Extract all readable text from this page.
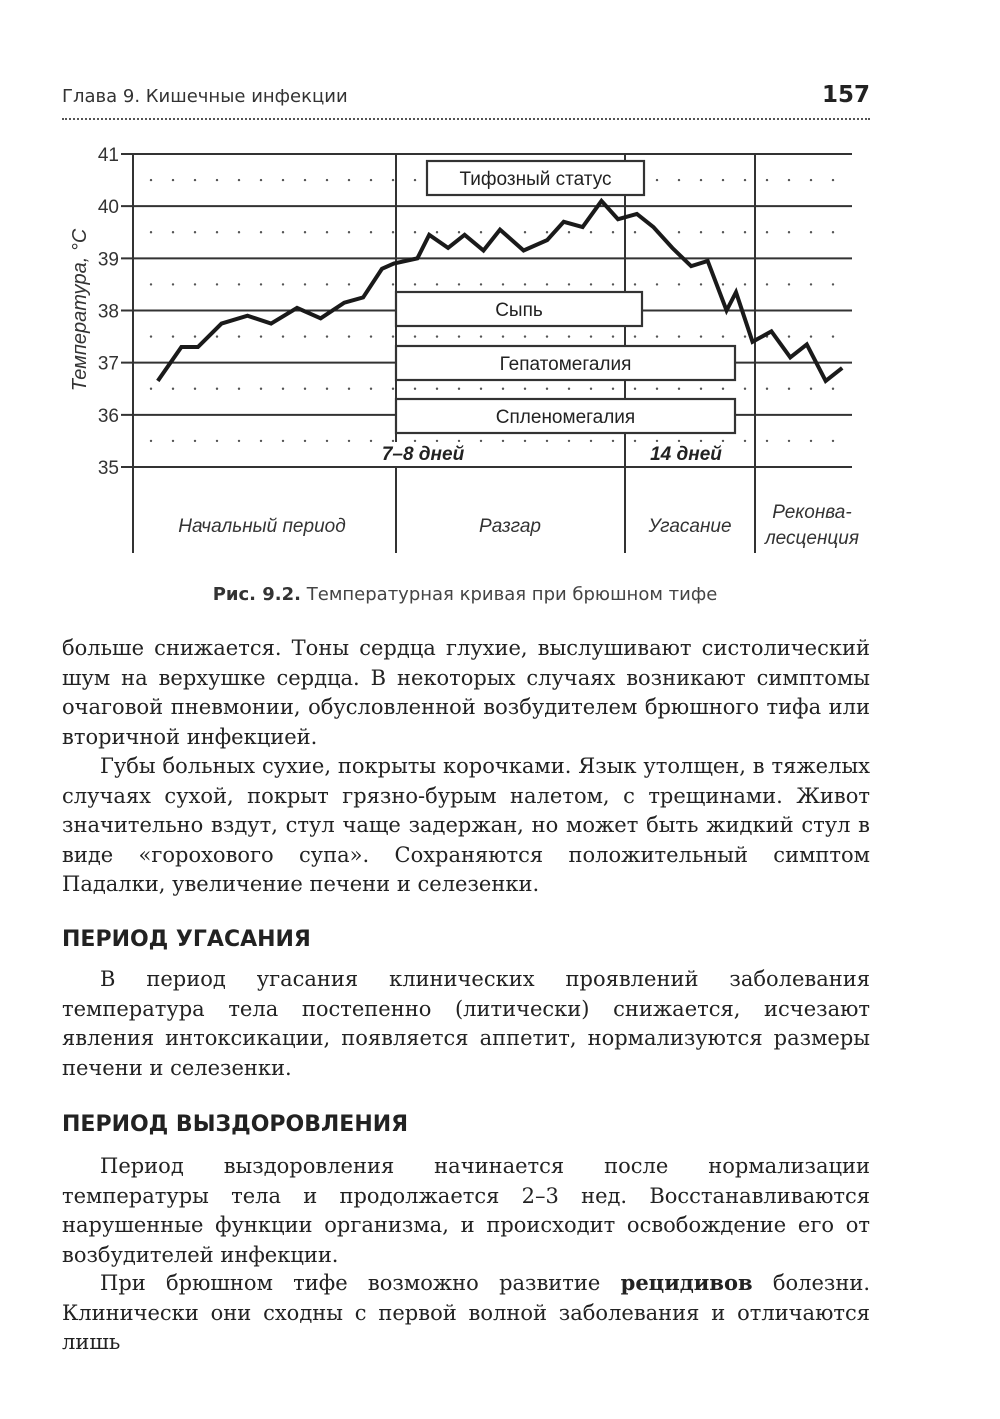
Глава 9. Кишечные инфекции	157
35
36
37
38
39
40
41
Тифозный статус
Сыпь
Гепатомегалия
Спленомегалия
7–8 дней	14 дней
Начальный период	Разгар	Угасание
Реконва-
лесценция
Температура, °C
Рис. 9.2. Температурная кривая при брюшном тифе

больше снижается. Тоны сердца глухие, выслушивают систолический шум на верхушке сердца. В некоторых случаях возникают симптомы очаговой пневмонии, обусловленной возбудителем брюшного тифа или вторичной инфекцией.

Губы больных сухие, покрыты корочками. Язык утолщен, в тяжелых случаях сухой, покрыт грязно-бурым налетом, с трещинами. Живот значительно вздут, стул чаще задержан, но может быть жидкий стул в виде «горохового супа». Сохраняются положительный симптом Падалки, увеличение печени и селезенки.

ПЕРИОД УГАСАНИЯ

В период угасания клинических проявлений заболевания температура тела постепенно (литически) снижается, исчезают явления интоксикации, появляется аппетит, нормализуются размеры печени и селезенки.

ПЕРИОД ВЫЗДОРОВЛЕНИЯ

Период выздоровления начинается после нормализации температуры тела и продолжается 2–3 нед. Восстанавливаются нарушенные функции организма, и происходит освобождение его от возбудителей инфекции.

При брюшном тифе возможно развитие рецидивов болезни. Клинически они сходны с первой волной заболевания и отличаются лишь
